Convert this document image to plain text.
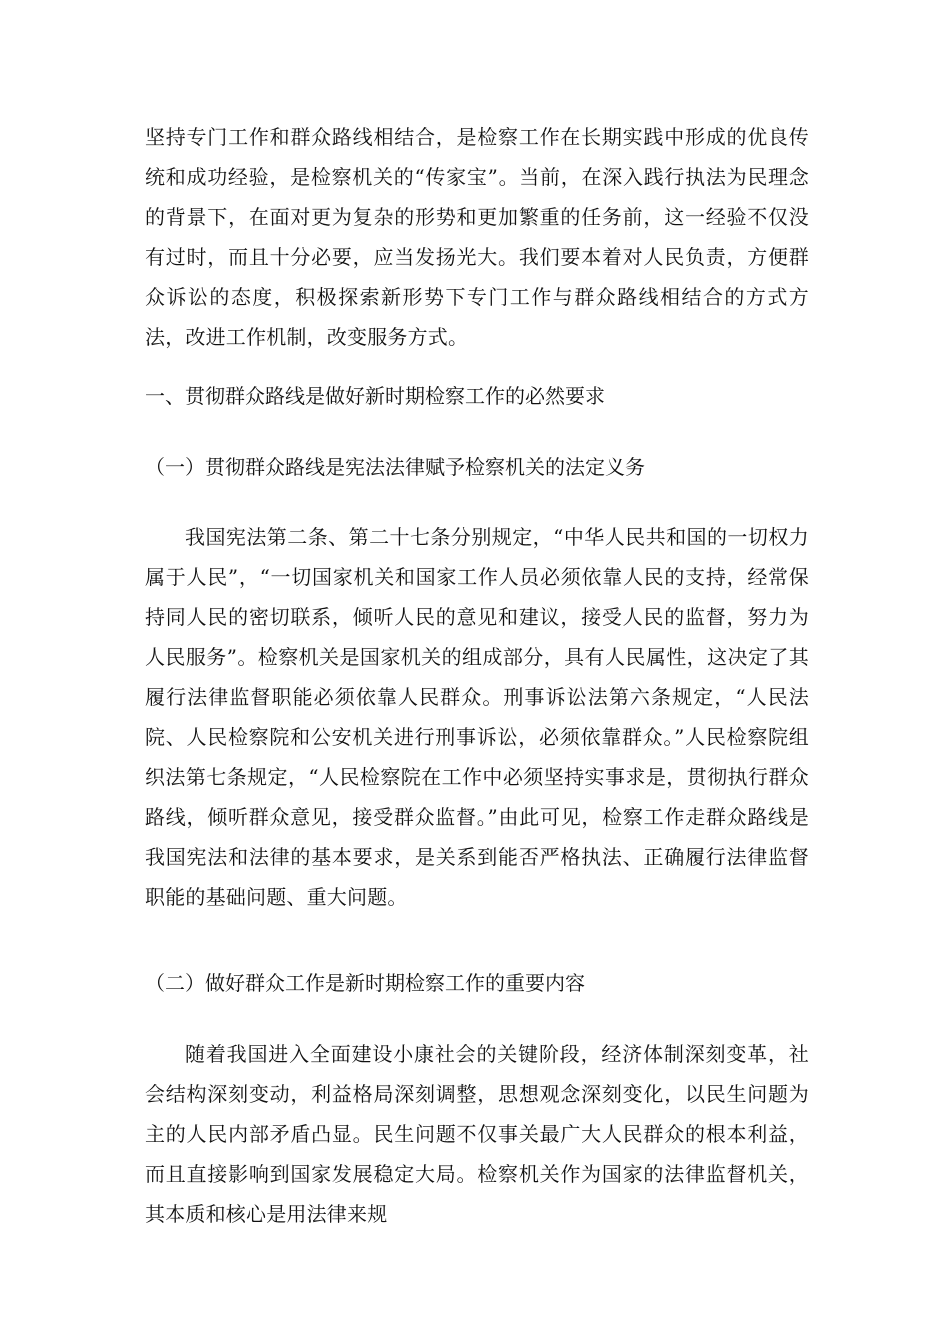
坚持专门工作和群众路线相结合，是检察工作在长期实践中形成的优良传统和成功经验，是检察机关的“传家宝”。当前，在深入践行执法为民理念的背景下，在面对更为复杂的形势和更加繁重的任务前，这一经验不仅没有过时，而且十分必要，应当发扬光大。我们要本着对人民负责，方便群众诉讼的态度，积极探索新形势下专门工作与群众路线相结合的方式方法，改进工作机制，改变服务方式。

一、贯彻群众路线是做好新时期检察工作的必然要求

（一）贯彻群众路线是宪法法律赋予检察机关的法定义务

我国宪法第二条、第二十七条分别规定，“中华人民共和国的一切权力属于人民”，“一切国家机关和国家工作人员必须依靠人民的支持，经常保持同人民的密切联系，倾听人民的意见和建议，接受人民的监督，努力为人民服务”。检察机关是国家机关的组成部分，具有人民属性，这决定了其履行法律监督职能必须依靠人民群众。刑事诉讼法第六条规定，“人民法院、人民检察院和公安机关进行刑事诉讼，必须依靠群众。”人民检察院组织法第七条规定，“人民检察院在工作中必须坚持实事求是，贯彻执行群众路线，倾听群众意见，接受群众监督。”由此可见，检察工作走群众路线是我国宪法和法律的基本要求，是关系到能否严格执法、正确履行法律监督职能的基础问题、重大问题。

（二）做好群众工作是新时期检察工作的重要内容

随着我国进入全面建设小康社会的关键阶段，经济体制深刻变革，社会结构深刻变动，利益格局深刻调整，思想观念深刻变化，以民生问题为主的人民内部矛盾凸显。民生问题不仅事关最广大人民群众的根本利益，而且直接影响到国家发展稳定大局。检察机关作为国家的法律监督机关，其本质和核心是用法律来规
